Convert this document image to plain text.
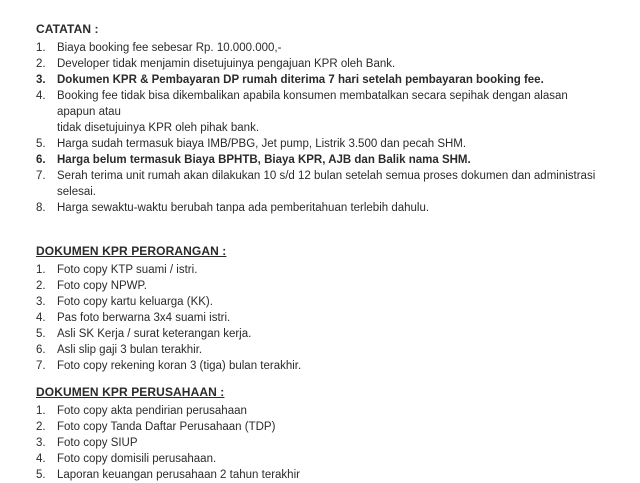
CATATAN :
1. Biaya booking fee sebesar Rp. 10.000.000,-
2. Developer tidak menjamin disetujuinya pengajuan KPR oleh Bank.
3. Dokumen KPR & Pembayaran DP rumah diterima 7 hari setelah pembayaran booking fee.
4. Booking fee tidak bisa dikembalikan apabila konsumen membatalkan secara sepihak dengan alasan apapun atau
tidak disetujuinya KPR oleh pihak bank.
5. Harga sudah termasuk biaya IMB/PBG, Jet pump, Listrik 3.500 dan pecah SHM.
6. Harga belum termasuk Biaya BPHTB, Biaya KPR, AJB dan Balik nama SHM.
7. Serah terima unit rumah akan dilakukan 10 s/d 12 bulan setelah semua proses dokumen dan administrasi selesai.
8. Harga sewaktu-waktu berubah tanpa ada pemberitahuan terlebih dahulu.
DOKUMEN KPR PERORANGAN :
1. Foto copy KTP suami / istri.
2. Foto copy NPWP.
3. Foto copy kartu keluarga (KK).
4. Pas foto berwarna 3x4 suami istri.
5. Asli SK Kerja / surat keterangan kerja.
6. Asli slip gaji 3 bulan terakhir.
7. Foto copy rekening koran 3 (tiga) bulan terakhir.
DOKUMEN KPR PERUSAHAAN :
1. Foto copy akta pendirian perusahaan
2. Foto copy Tanda Daftar Perusahaan (TDP)
3. Foto copy SIUP
4. Foto copy domisili perusahaan.
5. Laporan keuangan perusahaan 2 tahun terakhir
